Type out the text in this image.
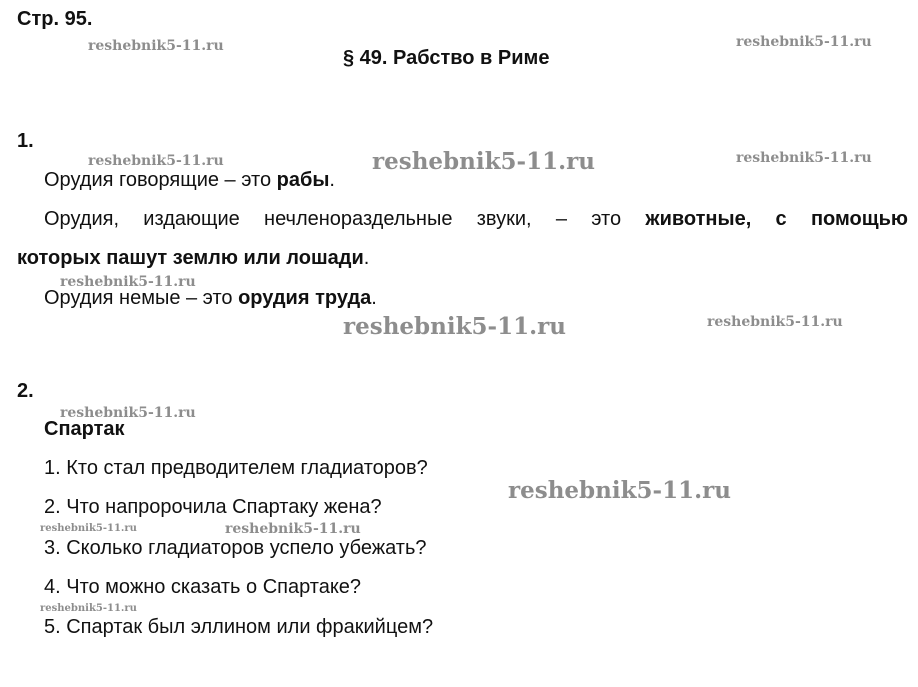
reshebnik5-11.ru	reshebnik5-11.ru
reshebnik5-11.ru	reshebnik5-11.ru	reshebnik5-11.ru
reshebnik5-11.ru
reshebnik5-11.ru	reshebnik5-11.ru
reshebnik5-11.ru
reshebnik5-11.ru
reshebnik5-11.ru	reshebnik5-11.ru
reshebnik5-11.ru
Стр. 95.
§ 49. Рабство в Риме
1.
Орудия говорящие – это рабы.
Орудия, издающие нечленораздельные звуки, – это животные, с помощью
которых пашут землю или лошади.
Орудия немые – это орудия труда.
2.
Спартак
1. Кто стал предводителем гладиаторов?
2. Что напророчила Спартаку жена?
3. Сколько гладиаторов успело убежать?
4. Что можно сказать о Спартаке?
5. Спартак был эллином или фракийцем?
